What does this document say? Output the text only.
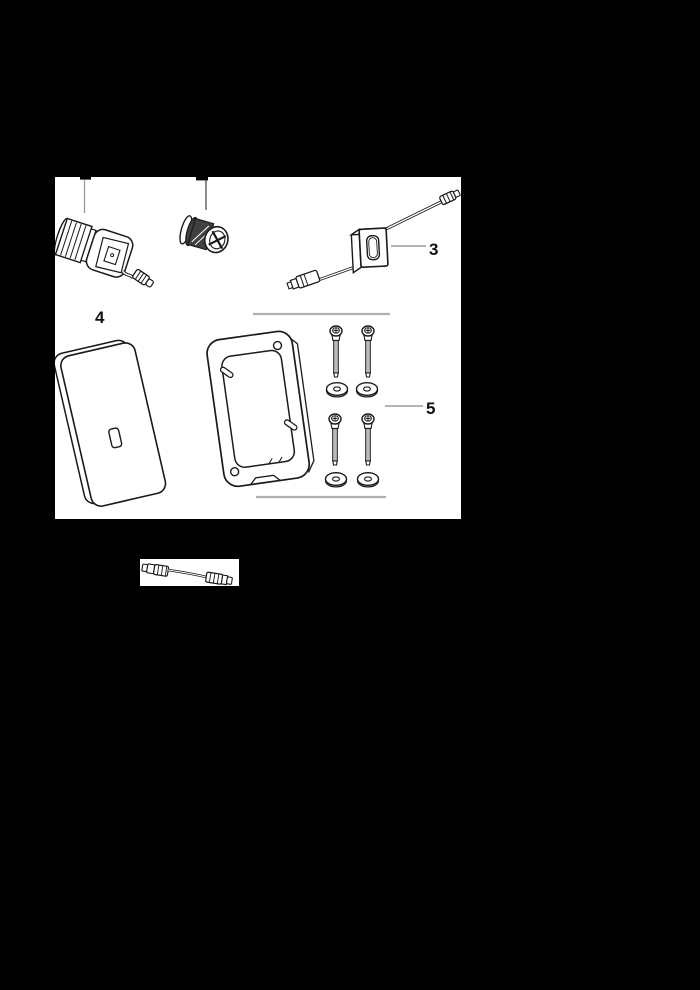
3
4
5
